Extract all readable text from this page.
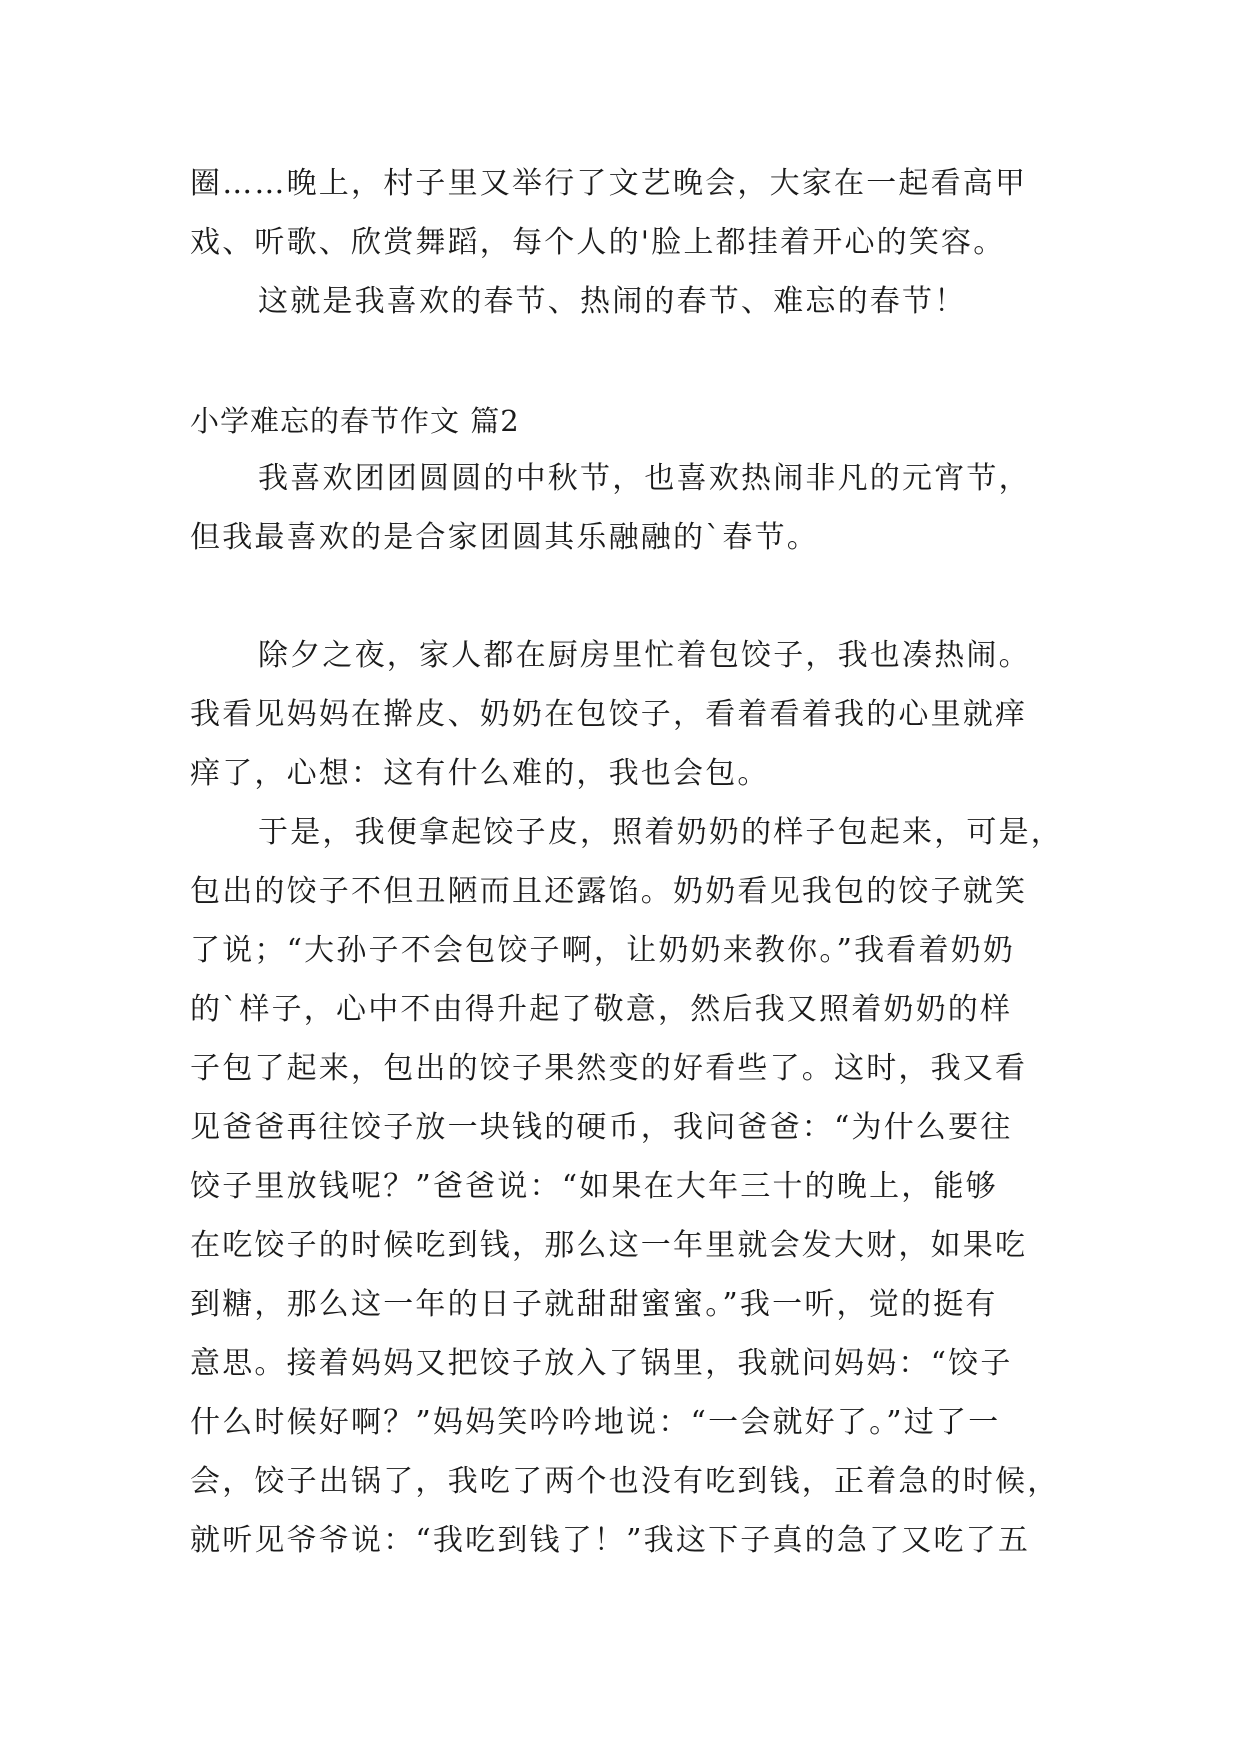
圈……晚上，村子里又举行了文艺晚会，大家在一起看高甲
戏、听歌、欣赏舞蹈，每个人的'脸上都挂着开心的笑容。
这就是我喜欢的春节、热闹的春节、难忘的春节！
小学难忘的春节作文 篇2
我喜欢团团圆圆的中秋节，也喜欢热闹非凡的元宵节，
但我最喜欢的是合家团圆其乐融融的`春节。
除夕之夜，家人都在厨房里忙着包饺子，我也凑热闹。
我看见妈妈在擀皮、奶奶在包饺子，看着看着我的心里就痒
痒了，心想：这有什么难的，我也会包。
于是，我便拿起饺子皮，照着奶奶的样子包起来，可是，
包出的饺子不但丑陋而且还露馅。奶奶看见我包的饺子就笑
了说；“大孙子不会包饺子啊，让奶奶来教你。”我看着奶奶
的`样子，心中不由得升起了敬意，然后我又照着奶奶的样
子包了起来，包出的饺子果然变的好看些了。这时，我又看
见爸爸再往饺子放一块钱的硬币，我问爸爸：“为什么要往
饺子里放钱呢？”爸爸说：“如果在大年三十的晚上，能够
在吃饺子的时候吃到钱，那么这一年里就会发大财，如果吃
到糖，那么这一年的日子就甜甜蜜蜜。”我一听，觉的挺有
意思。接着妈妈又把饺子放入了锅里，我就问妈妈：“饺子
什么时候好啊？”妈妈笑吟吟地说：“一会就好了。”过了一
会，饺子出锅了，我吃了两个也没有吃到钱，正着急的时候，
就听见爷爷说：“我吃到钱了！”我这下子真的急了又吃了五
